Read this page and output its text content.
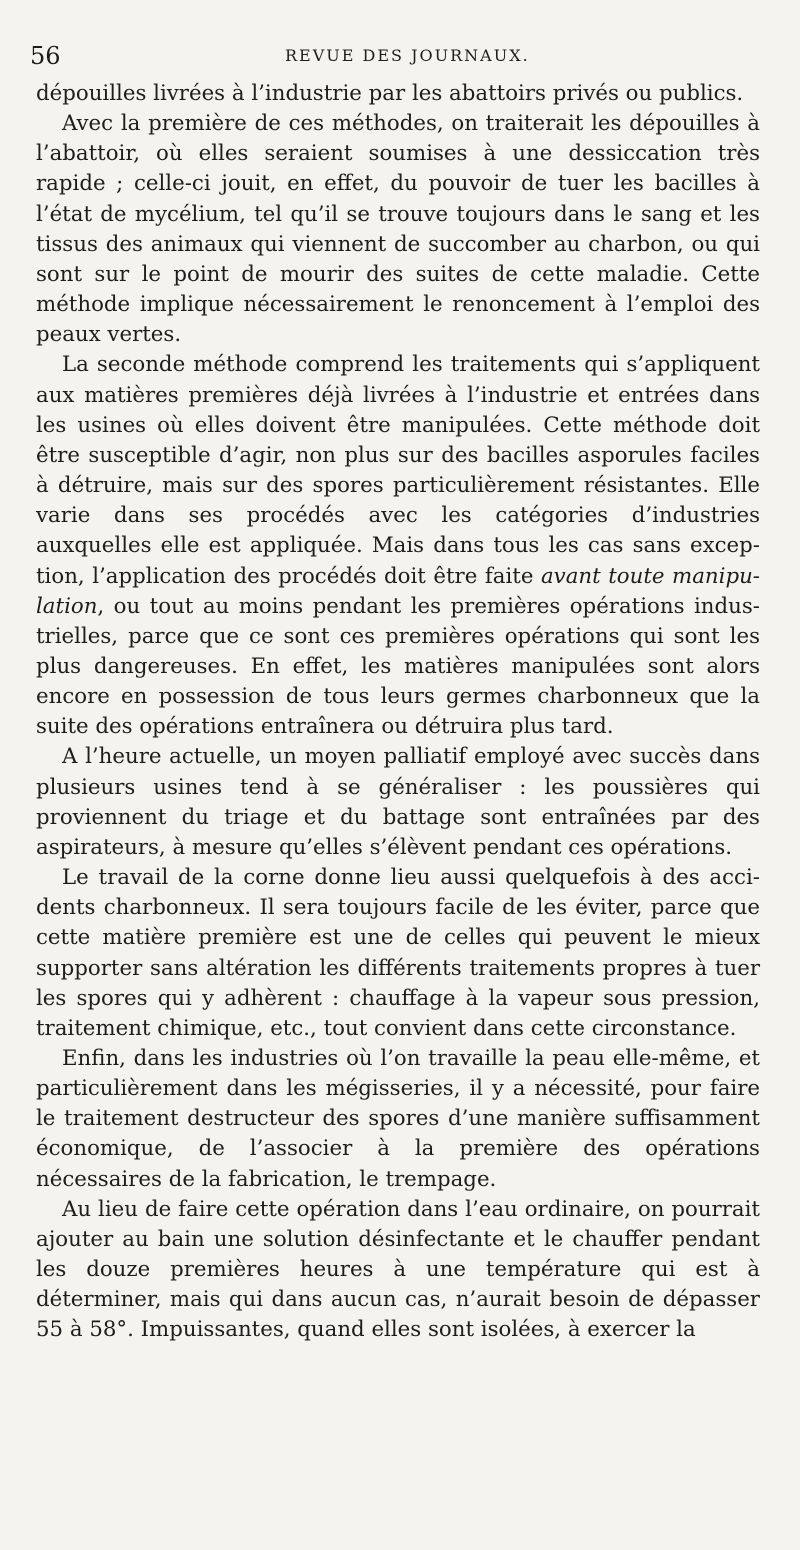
56	REVUE DES JOURNAUX.

dépouilles livrées à l’industrie par les abattoirs privés ou publics.

Avec la première de ces méthodes, on traiterait les dépouilles à l’abattoir, où elles seraient soumises à une dessiccation très rapide ; celle-ci jouit, en effet, du pouvoir de tuer les bacilles à l’état de mycélium, tel qu’il se trouve toujours dans le sang et les tissus des animaux qui viennent de succomber au charbon, ou qui sont sur le point de mourir des suites de cette maladie. Cette méthode implique nécessairement le renoncement à l’emploi des peaux vertes.

La seconde méthode comprend les traitements qui s’appliquent aux matières premières déjà livrées à l’industrie et entrées dans les usines où elles doivent être manipulées. Cette méthode doit être susceptible d’agir, non plus sur des bacilles asporules faciles à détruire, mais sur des spores particulièrement résistantes. Elle varie dans ses procédés avec les catégories d’industries auxquelles elle est appliquée. Mais dans tous les cas sans exception, l’application des procédés doit être faite avant toute manipulation, ou tout au moins pendant les premières opérations industrielles, parce que ce sont ces premières opérations qui sont les plus dangereuses. En effet, les matières manipulées sont alors encore en possession de tous leurs germes charbonneux que la suite des opérations entraînera ou détruira plus tard.

A l’heure actuelle, un moyen palliatif employé avec succès dans plusieurs usines tend à se généraliser : les poussières qui proviennent du triage et du battage sont entraînées par des aspirateurs, à mesure qu’elles s’élèvent pendant ces opérations.

Le travail de la corne donne lieu aussi quelquefois à des accidents charbonneux. Il sera toujours facile de les éviter, parce que cette matière première est une de celles qui peuvent le mieux supporter sans altération les différents traitements propres à tuer les spores qui y adhèrent : chauffage à la vapeur sous pression, traitement chimique, etc., tout convient dans cette circonstance.

Enfin, dans les industries où l’on travaille la peau elle-même, et particulièrement dans les mégisseries, il y a nécessité, pour faire le traitement destructeur des spores d’une manière suffisamment économique, de l’associer à la première des opérations nécessaires de la fabrication, le trempage.

Au lieu de faire cette opération dans l’eau ordinaire, on pourrait ajouter au bain une solution désinfectante et le chauffer pendant les douze premières heures à une température qui est à déterminer, mais qui dans aucun cas, n’aurait besoin de dépasser 55 à 58°. Impuissantes, quand elles sont isolées, à exercer la
